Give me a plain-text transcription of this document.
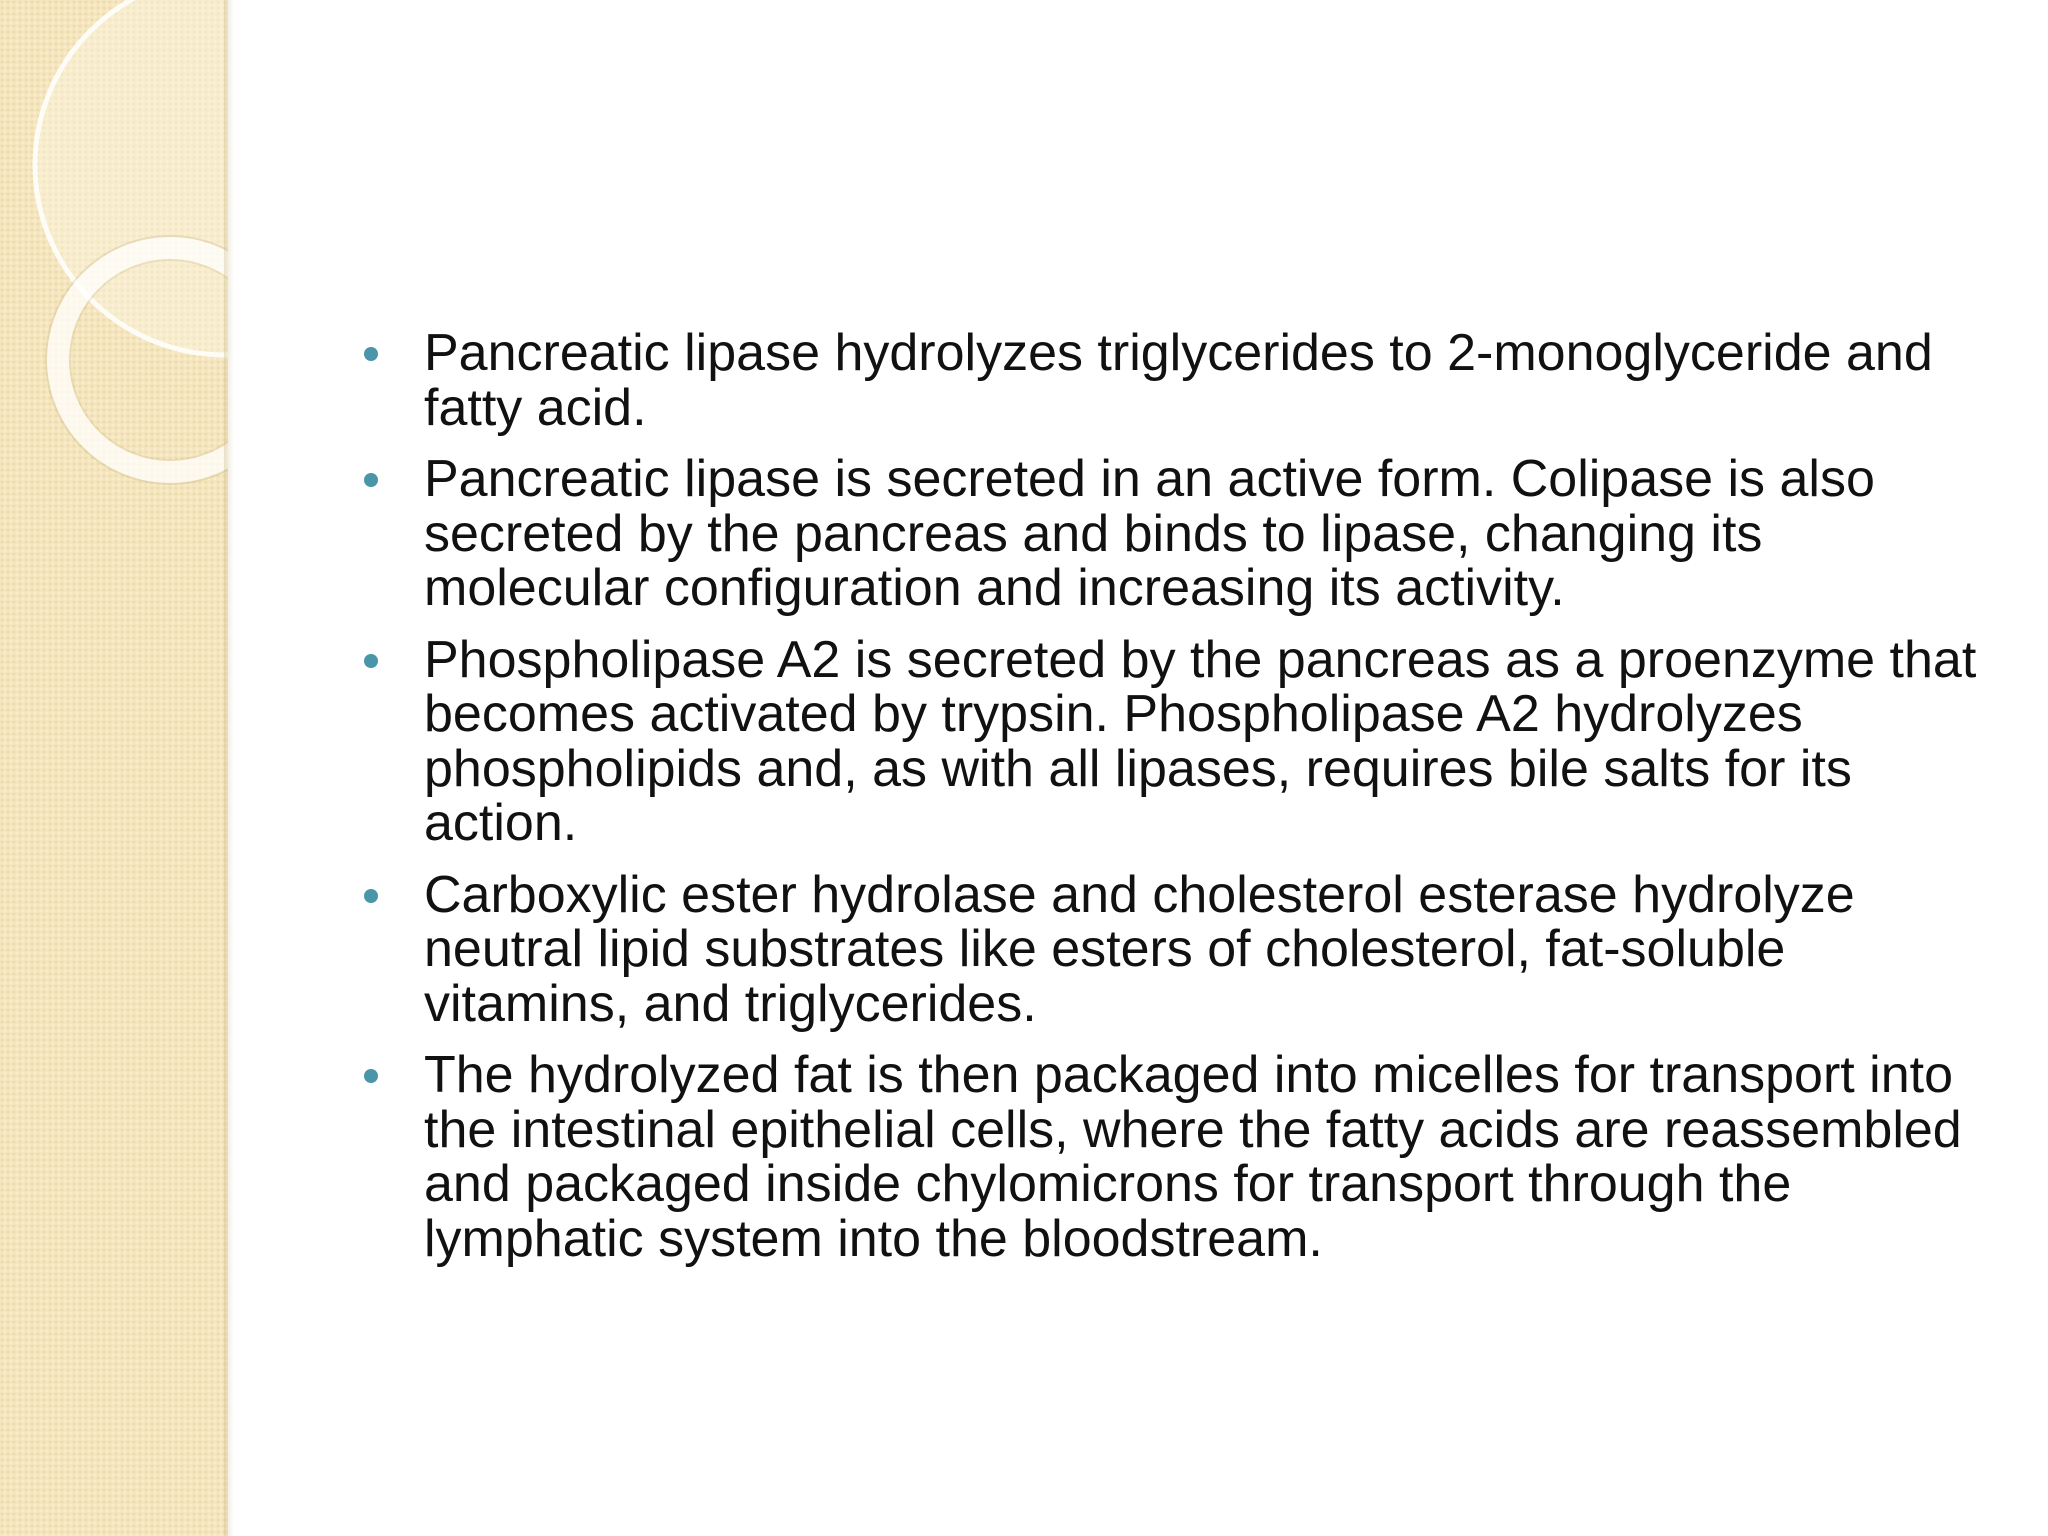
Pancreatic lipase hydrolyzes triglycerides to 2-monoglyceride and fatty acid.
Pancreatic lipase is secreted in an active form. Colipase is also secreted by the pancreas and binds to lipase, changing its molecular configuration and increasing its activity.
Phospholipase A2 is secreted by the pancreas as a proenzyme that becomes activated by trypsin. Phospholipase A2 hydrolyzes phospholipids and, as with all lipases, requires bile salts for its action.
Carboxylic ester hydrolase and cholesterol esterase hydrolyze neutral lipid substrates like esters of cholesterol, fat-soluble vitamins, and triglycerides.
The hydrolyzed fat is then packaged into micelles for transport into the intestinal epithelial cells, where the fatty acids are reassembled and packaged inside chylomicrons for transport through the lymphatic system into the bloodstream.
